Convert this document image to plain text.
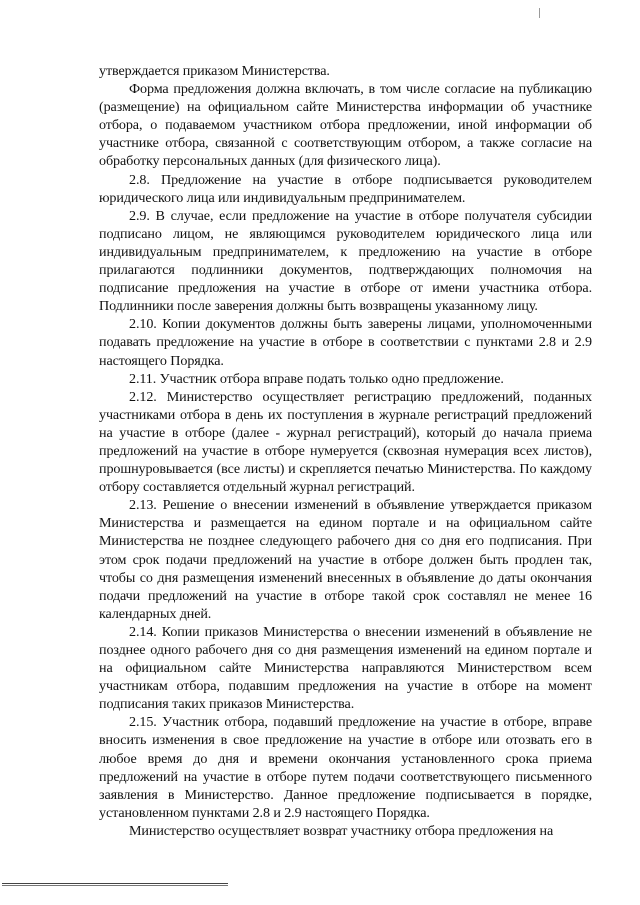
утверждается приказом Министерства.

Форма предложения должна включать, в том числе согласие на публикацию (размещение) на официальном сайте Министерства информации об участнике отбора, о подаваемом участником отбора предложении, иной информации об участнике отбора, связанной с соответствующим отбором, а также согласие на обработку персональных данных (для физического лица).

2.8. Предложение на участие в отборе подписывается руководителем юридического лица или индивидуальным предпринимателем.

2.9. В случае, если предложение на участие в отборе получателя субсидии подписано лицом, не являющимся руководителем юридического лица или индивидуальным предпринимателем, к предложению на участие в отборе прилагаются подлинники документов, подтверждающих полномочия на подписание предложения на участие в отборе от имени участника отбора. Подлинники после заверения должны быть возвращены указанному лицу.

2.10. Копии документов должны быть заверены лицами, уполномоченными подавать предложение на участие в отборе в соответствии с пунктами 2.8 и 2.9 настоящего Порядка.

2.11. Участник отбора вправе подать только одно предложение.

2.12. Министерство осуществляет регистрацию предложений, поданных участниками отбора в день их поступления в журнале регистраций предложений на участие в отборе (далее - журнал регистраций), который до начала приема предложений на участие в отборе нумеруется (сквозная нумерация всех листов), прошнуровывается (все листы) и скрепляется печатью Министерства. По каждому отбору составляется отдельный журнал регистраций.

2.13. Решение о внесении изменений в объявление утверждается приказом Министерства и размещается на едином портале и на официальном сайте Министерства не позднее следующего рабочего дня со дня его подписания. При этом срок подачи предложений на участие в отборе должен быть продлен так, чтобы со дня размещения изменений внесенных в объявление до даты окончания подачи предложений на участие в отборе такой срок составлял не менее 16 календарных дней.

2.14. Копии приказов Министерства о внесении изменений в объявление не позднее одного рабочего дня со дня размещения изменений на едином портале и на официальном сайте Министерства направляются Министерством всем участникам отбора, подавшим предложения на участие в отборе на момент подписания таких приказов Министерства.

2.15. Участник отбора, подавший предложение на участие в отборе, вправе вносить изменения в свое предложение на участие в отборе или отозвать его в любое время до дня и времени окончания установленного срока приема предложений на участие в отборе путем подачи соответствующего письменного заявления в Министерство. Данное предложение подписывается в порядке, установленном пунктами 2.8 и 2.9 настоящего Порядка.

Министерство осуществляет возврат участнику отбора предложения на
